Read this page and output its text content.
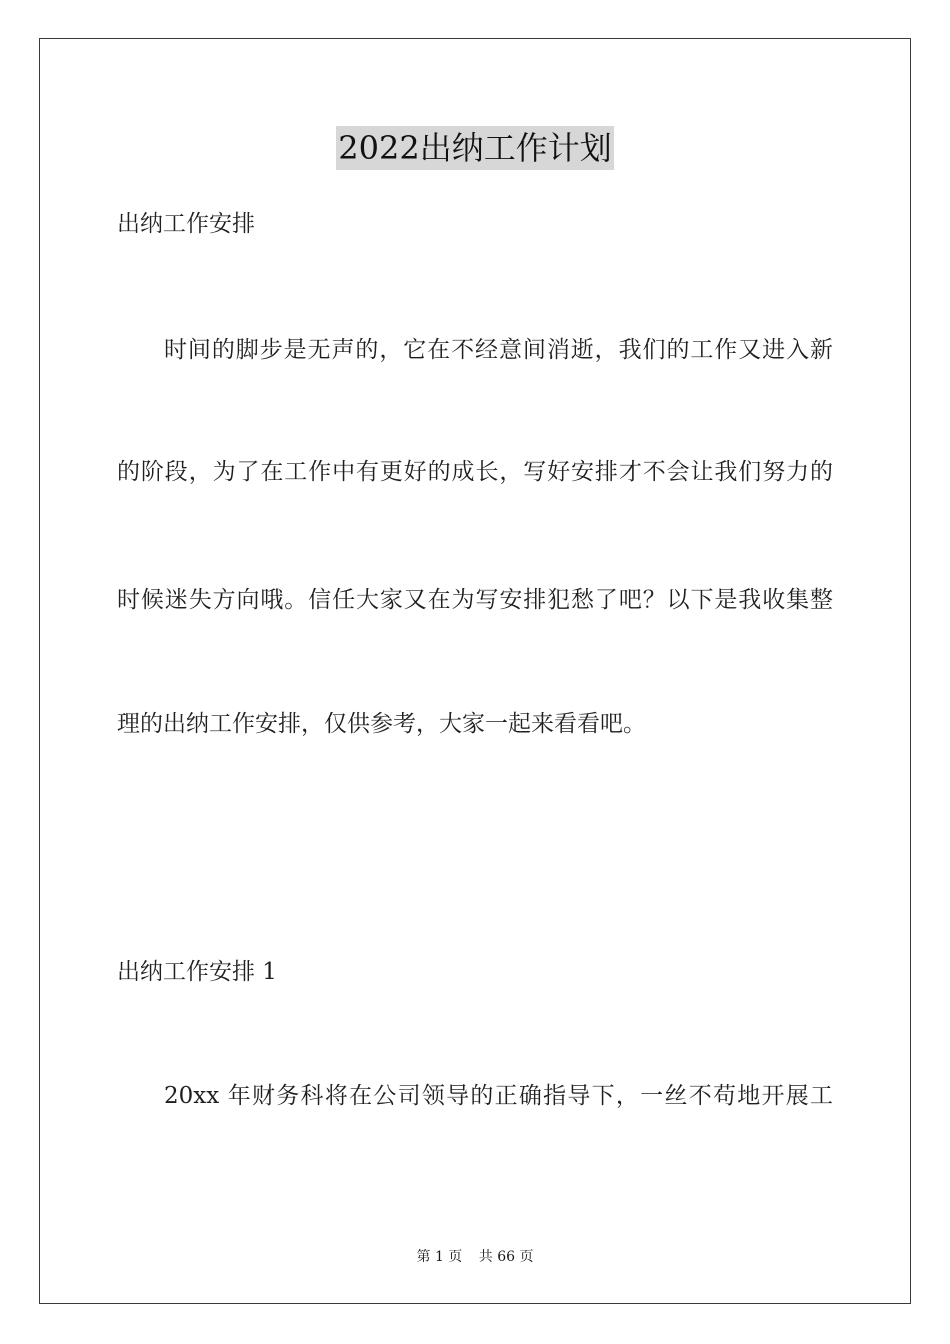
2022出纳工作计划
出纳工作安排
时间的脚步是无声的，它在不经意间消逝，我们的工作又进入新
的阶段，为了在工作中有更好的成长，写好安排才不会让我们努力的
时候迷失方向哦。信任大家又在为写安排犯愁了吧？以下是我收集整
理的出纳工作安排，仅供参考，大家一起来看看吧。
出纳工作安排 1
20xx 年财务科将在公司领导的正确指导下，一丝不苟地开展工
第 1 页 共 66 页
